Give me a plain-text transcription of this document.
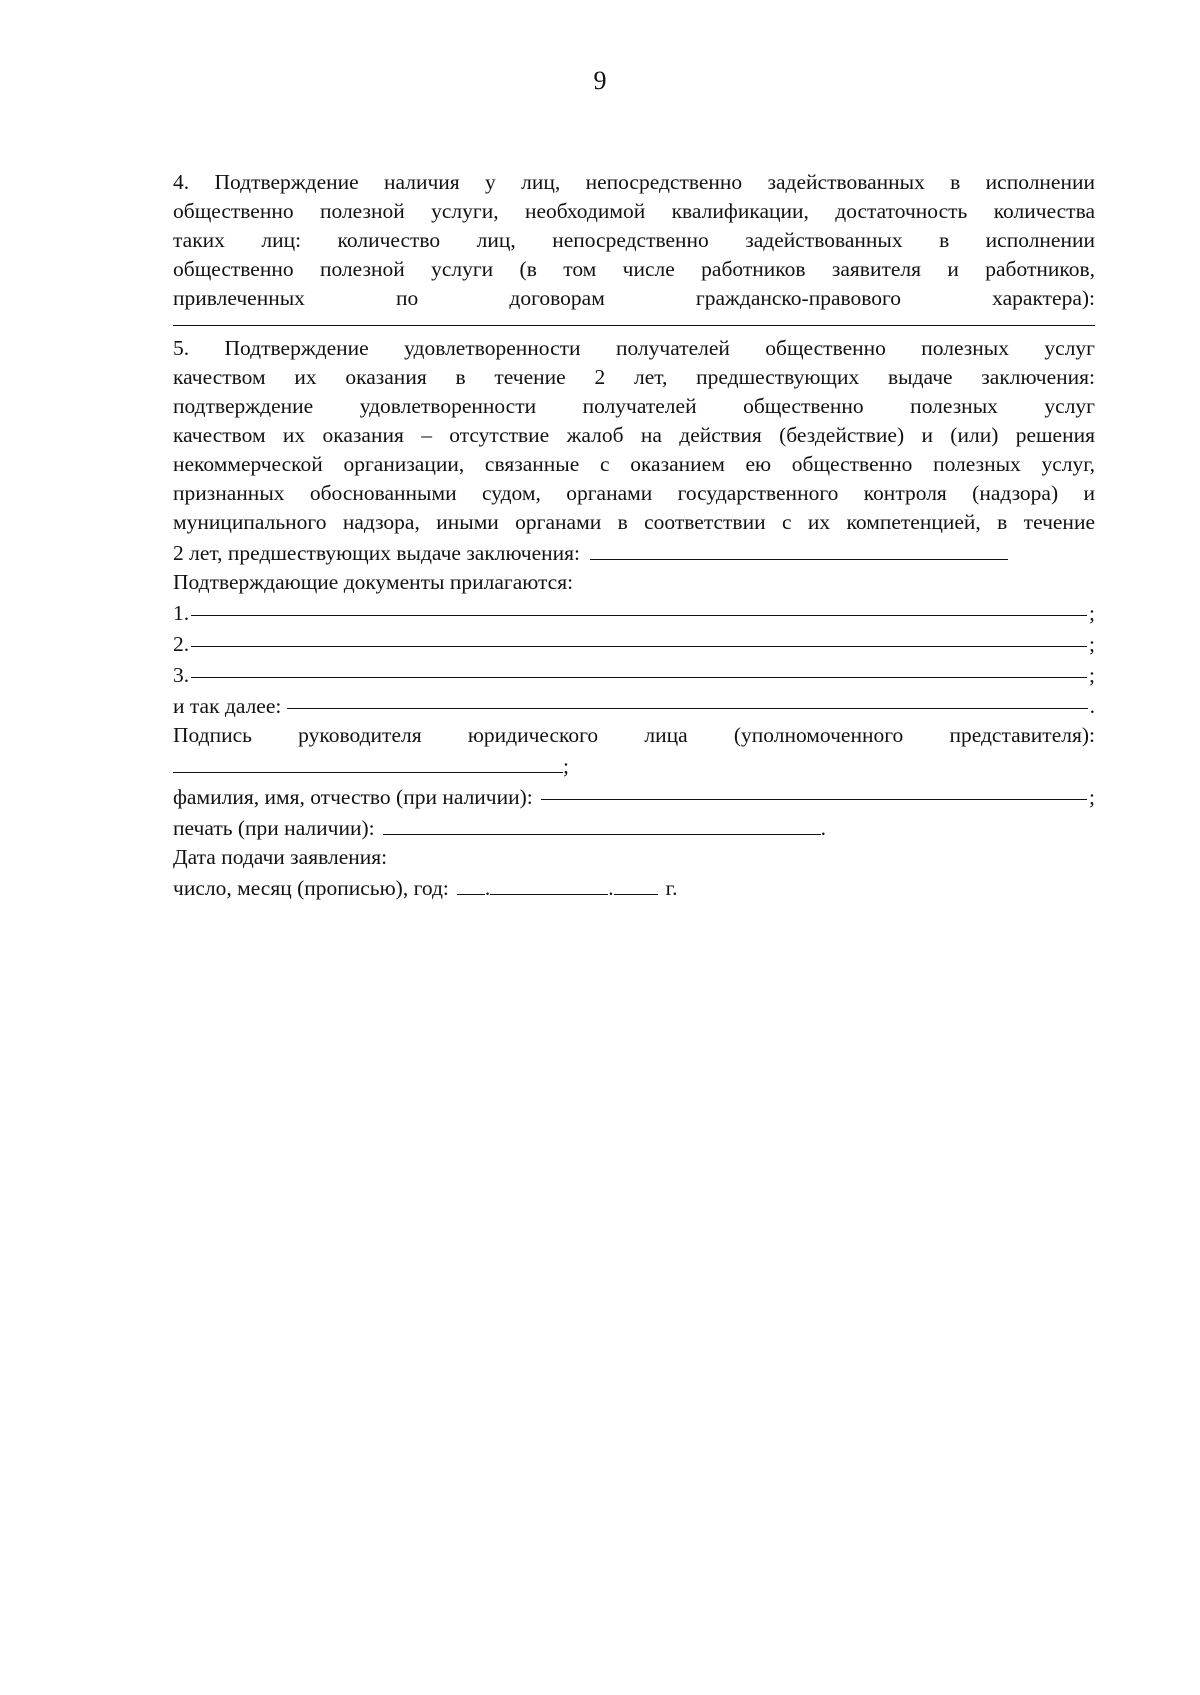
9

4. Подтверждение наличия у лиц, непосредственно задействованных в исполнении

общественно полезной услуги, необходимой квалификации, достаточность количества

таких лиц: количество лиц, непосредственно задействованных в исполнении

общественно полезной услуги (в том числе работников заявителя и работников,

привлеченных по договорам гражданско-правового характера):

5. Подтверждение удовлетворенности получателей общественно полезных услуг

качеством их оказания в течение 2 лет, предшествующих выдаче заключения:

подтверждение удовлетворенности получателей общественно полезных услуг

качеством их оказания – отсутствие жалоб на действия (бездействие) и (или) решения

некоммерческой организации, связанные с оказанием ею общественно полезных услуг,

признанных обоснованными судом, органами государственного контроля (надзора) и

муниципального надзора, иными органами в соответствии с их компетенцией, в течение

2 лет, предшествующих выдаче заключения:
Подтверждающие документы прилагаются:
1.	;
2.	;
3.	;
и так далее:	.

Подпись руководителя юридического лица (уполномоченного представителя):

;
фамилия, имя, отчество (при наличии):	;
печать (при наличии):	.
Дата подачи заявления:
число, месяц (прописью), год: .	. г.
